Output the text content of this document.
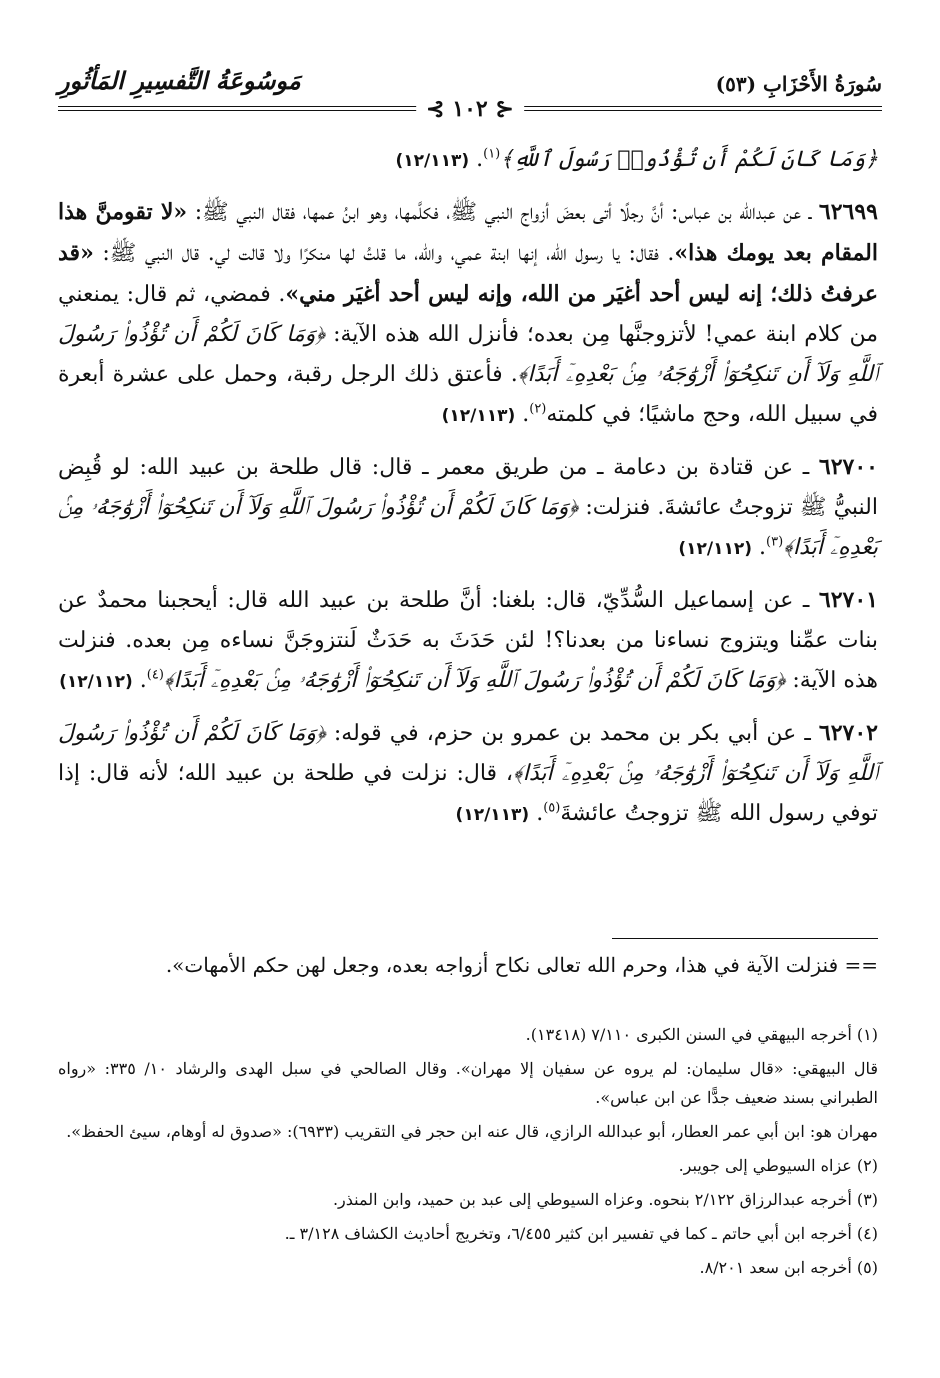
سُورَةُ الأَحْزَابِ (٥٣)
مَوسُوعَةُ التَّفسِيرِ المَأثُورِ
⊰ ١٠٢ ⊱

﴿وَمَا كَانَ لَكُمْ أَن تُؤْذُوا۟ رَسُولَ ٱللَّهِ﴾$^{(١)}$. (١٢/١١٣)

٦٢٦٩٩ ـ عن عبدالله بن عباس: أنَّ رجلًا أتى بعضَ أزواج النبي ﷺ، فكلَّمها، وهو ابنُ عمها، فقال النبي ﷺ: «لا تقومنَّ هذا المقام بعد يومك هذا». فقال: يا رسول الله، إنها ابنة عمي، والله، ما قلتُ لها منكرًا ولا قالت لي. قال النبي ﷺ: «قد عرفتُ ذلك؛ إنه ليس أحد أغيَر من الله، وإنه ليس أحد أغيَر مني». فمضي، ثم قال: يمنعني من كلام ابنة عمي! لأتزوجنَّها مِن بعده؛ فأنزل الله هذه الآية: ﴿وَمَا كَانَ لَكُمْ أَن تُؤْذُوا۟ رَسُولَ ٱللَّهِ وَلَآ أَن تَنكِحُوٓا۟ أَزْوَٰجَهُۥ مِنۢ بَعْدِهِۦٓ أَبَدًا﴾. فأعتق ذلك الرجل رقبة، وحمل على عشرة أبعرة في سبيل الله، وحج ماشيًا؛ في كلمته$^{(٢)}$. (١٢/١١٣)

٦٢٧٠٠ ـ عن قتادة بن دعامة ـ من طريق معمر ـ قال: قال طلحة بن عبيد الله: لو قُبِض النبيُّ ﷺ تزوجتُ عائشةَ. فنزلت: ﴿وَمَا كَانَ لَكُمْ أَن تُؤْذُوا۟ رَسُولَ ٱللَّهِ وَلَآ أَن تَنكِحُوٓا۟ أَزْوَٰجَهُۥ مِنۢ بَعْدِهِۦٓ أَبَدًا﴾$^{(٣)}$. (١٢/١١٢)

٦٢٧٠١ ـ عن إسماعيل السُّدِّيّ، قال: بلغنا: أنَّ طلحة بن عبيد الله قال: أيحجبنا محمدٌ عن بنات عمِّنا ويتزوج نساءنا من بعدنا؟! لئن حَدَثَ به حَدَثٌ لَنتزوجَنَّ نساءه مِن بعده. فنزلت هذه الآية: ﴿وَمَا كَانَ لَكُمْ أَن تُؤْذُوا۟ رَسُولَ ٱللَّهِ وَلَآ أَن تَنكِحُوٓا۟ أَزْوَٰجَهُۥ مِنۢ بَعْدِهِۦٓ أَبَدًا﴾$^{(٤)}$. (١٢/١١٢)

٦٢٧٠٢ ـ عن أبي بكر بن محمد بن عمرو بن حزم، في قوله: ﴿وَمَا كَانَ لَكُمْ أَن تُؤْذُوا۟ رَسُولَ ٱللَّهِ وَلَآ أَن تَنكِحُوٓا۟ أَزْوَٰجَهُۥ مِنۢ بَعْدِهِۦٓ أَبَدًا﴾، قال: نزلت في طلحة بن عبيد الله؛ لأنه قال: إذا توفي رسول الله ﷺ تزوجتُ عائشةَ$^{(٥)}$. (١٢/١١٣)

== فنزلت الآية في هذا، وحرم الله تعالى نكاح أزواجه بعده، وجعل لهن حكم الأمهات».

(١) أخرجه البيهقي في السنن الكبرى ٧/١١٠ (١٣٤١٨).

قال البيهقي: «قال سليمان: لم يروه عن سفيان إلا مهران». وقال الصالحي في سبل الهدى والرشاد ١٠/ ٣٣٥: «رواه الطبراني بسند ضعيف جدًّا عن ابن عباس».

مهران هو: ابن أبي عمر العطار، أبو عبدالله الرازي، قال عنه ابن حجر في التقريب (٦٩٣٣): «صدوق له أوهام، سيئ الحفظ».

(٢) عزاه السيوطي إلى جويبر.

(٣) أخرجه عبدالرزاق ٢/١٢٢ بنحوه. وعزاه السيوطي إلى عبد بن حميد، وابن المنذر.

(٤) أخرجه ابن أبي حاتم ـ كما في تفسير ابن كثير ٦/٤٥٥، وتخريج أحاديث الكشاف ٣/١٢٨ ـ.

(٥) أخرجه ابن سعد ٨/٢٠١.
